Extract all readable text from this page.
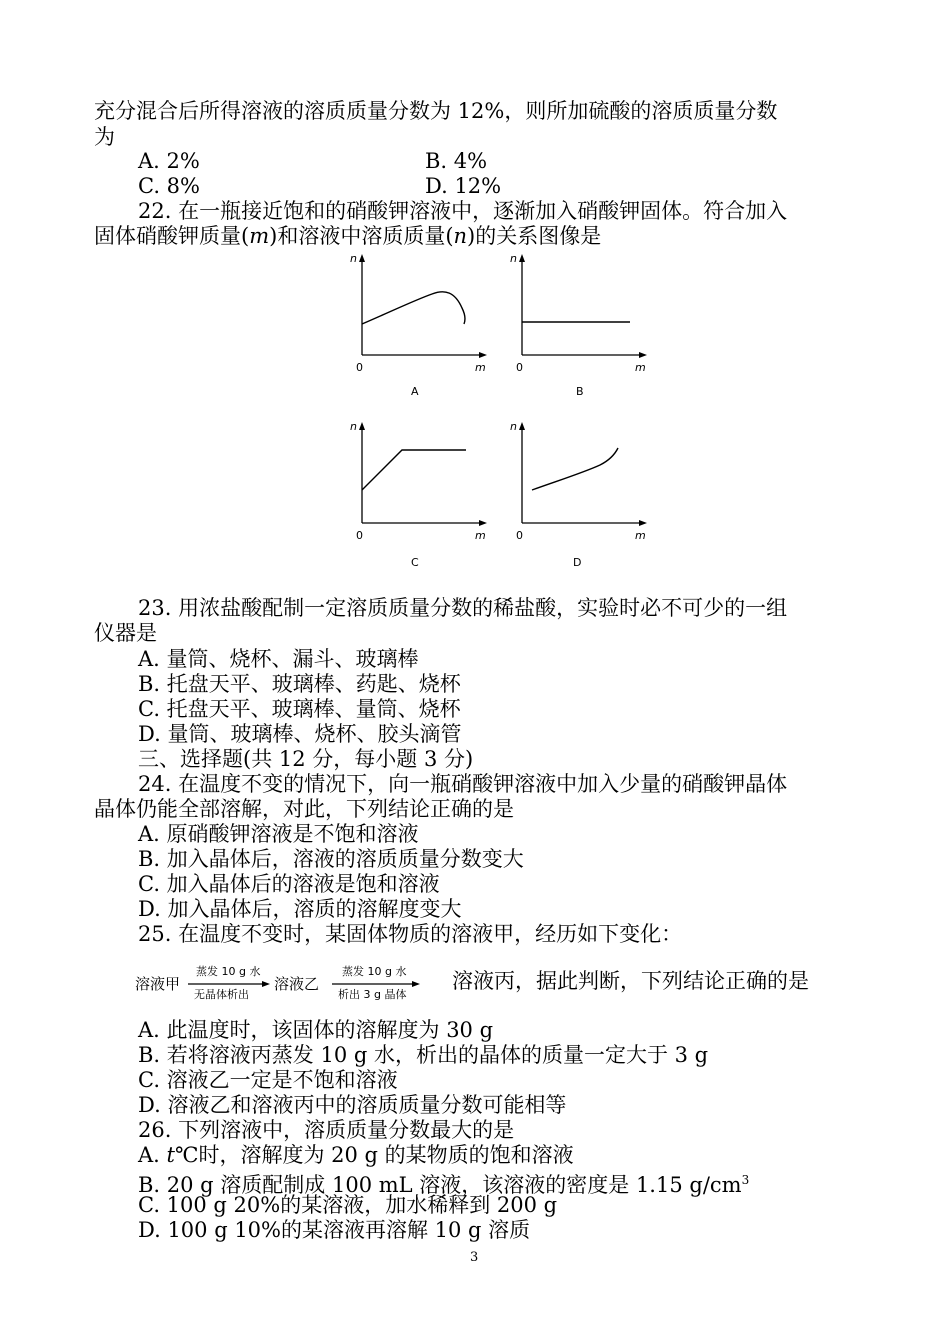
充分混合后所得溶液的溶质质量分数为 12%，则所加硫酸的溶质质量分数
为
A. 2%	B. 4%
C. 8%	D. 12%
22. 在一瓶接近饱和的硝酸钾溶液中，逐渐加入硝酸钾固体。符合加入
固体硝酸钾质量(m)和溶液中溶质质量(n)的关系图像是
n
0	m
A
n
0	m
B
n
0	m
C
n
0	m
D
23. 用浓盐酸配制一定溶质质量分数的稀盐酸，实验时必不可少的一组
仪器是
A. 量筒、烧杯、漏斗、玻璃棒
B. 托盘天平、玻璃棒、药匙、烧杯
C. 托盘天平、玻璃棒、量筒、烧杯
D. 量筒、玻璃棒、烧杯、胶头滴管
三、选择题(共 12 分，每小题 3 分)
24. 在温度不变的情况下，向一瓶硝酸钾溶液中加入少量的硝酸钾晶体
晶体仍能全部溶解，对此，下列结论正确的是
A. 原硝酸钾溶液是不饱和溶液
B. 加入晶体后，溶液的溶质质量分数变大
C. 加入晶体后的溶液是饱和溶液
D. 加入晶体后，溶质的溶解度变大
25. 在温度不变时，某固体物质的溶液甲，经历如下变化：
溶液甲
蒸发 10 g 水
无晶体析出
溶液乙
蒸发 10 g 水
析出 3 g 晶体
溶液丙，据此判断，下列结论正确的是
A. 此温度时，该固体的溶解度为 30 g
B. 若将溶液丙蒸发 10 g 水，析出的晶体的质量一定大于 3 g
C. 溶液乙一定是不饱和溶液
D. 溶液乙和溶液丙中的溶质质量分数可能相等
26. 下列溶液中，溶质质量分数最大的是
A. t℃时，溶解度为 20 g 的某物质的饱和溶液
B. 20 g 溶质配制成 100 mL 溶液，该溶液的密度是 1.15 $g/cm^3$
C. 100 g 20%的某溶液，加水稀释到 200 g
D. 100 g 10%的某溶液再溶解 10 g 溶质
3
